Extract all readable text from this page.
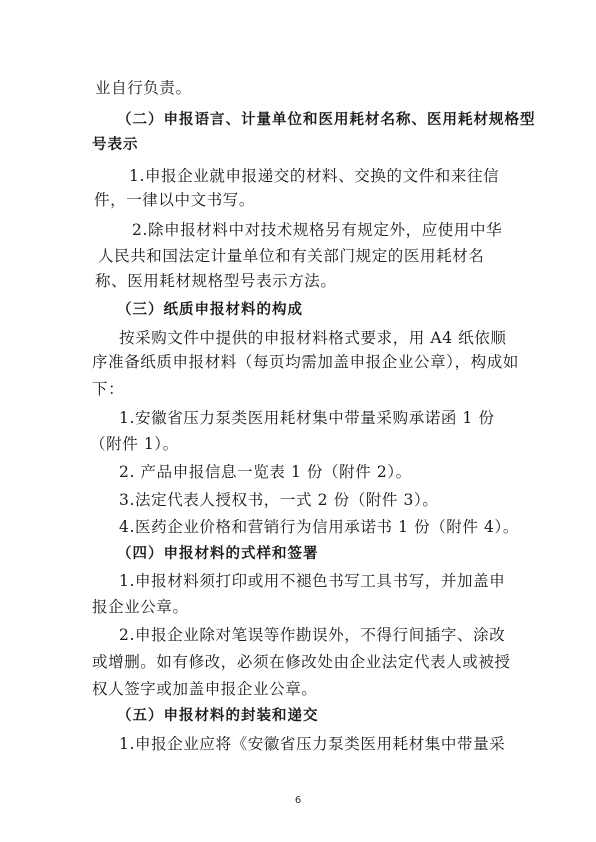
业自行负责。
（二）申报语言、计量单位和医用耗材名称、医用耗材规格型
号表示
1.申报企业就申报递交的材料、交换的文件和来往信
件，一律以中文书写。
2.除申报材料中对技术规格另有规定外，应使用中华
人民共和国法定计量单位和有关部门规定的医用耗材名
称、医用耗材规格型号表示方法。
（三）纸质申报材料的构成
按采购文件中提供的申报材料格式要求，用 A4 纸依顺
序准备纸质申报材料（每页均需加盖申报企业公章），构成如
下：
1.安徽省压力泵类医用耗材集中带量采购承诺函 1 份
（附件 1）。
2. 产品申报信息一览表 1 份（附件 2）。
3.法定代表人授权书，一式 2 份（附件 3）。
4.医药企业价格和营销行为信用承诺书 1 份（附件 4）。
（四）申报材料的式样和签署
1.申报材料须打印或用不褪色书写工具书写，并加盖申
报企业公章。
2.申报企业除对笔误等作勘误外，不得行间插字、涂改
或增删。如有修改，必须在修改处由企业法定代表人或被授
权人签字或加盖申报企业公章。
（五）申报材料的封装和递交
1.申报企业应将《安徽省压力泵类医用耗材集中带量采
6
